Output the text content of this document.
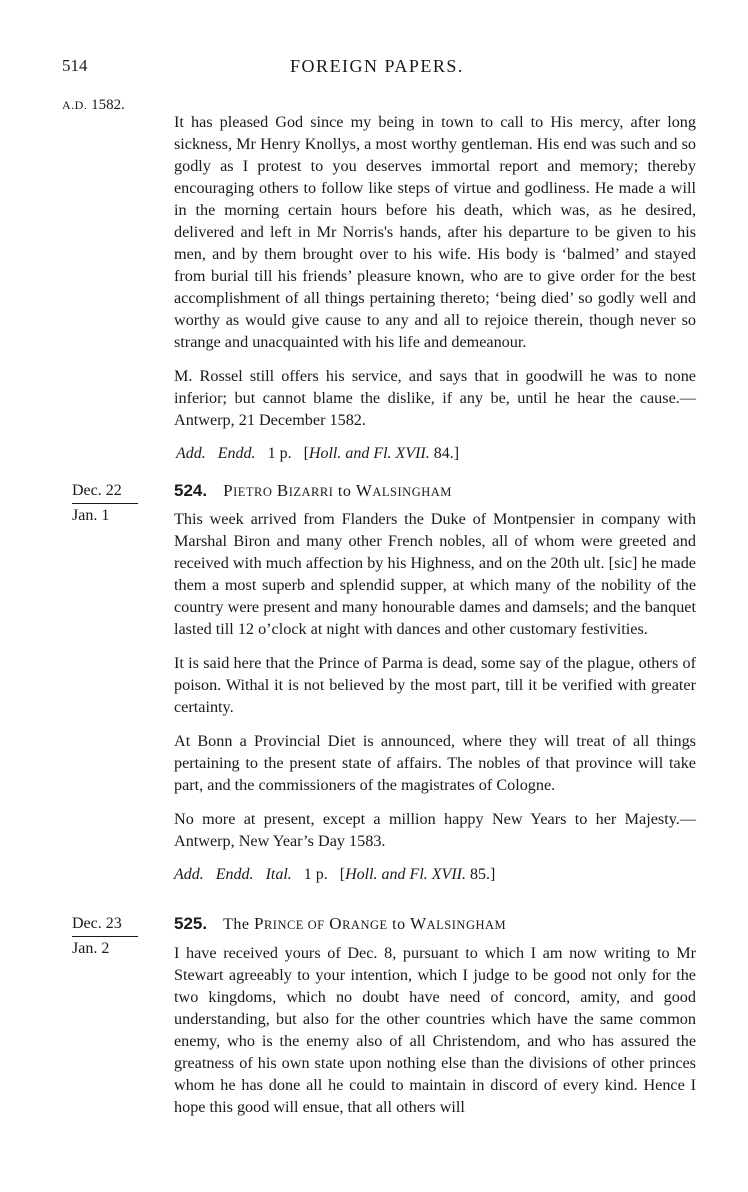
514	FOREIGN PAPERS.
A.D. 1582.

It has pleased God since my being in town to call to His mercy, after long sickness, Mr Henry Knollys, a most worthy gentleman. His end was such and so godly as I protest to you deserves immortal report and memory; thereby encouraging others to follow like steps of virtue and godliness. He made a will in the morning certain hours before his death, which was, as he desired, delivered and left in Mr Norris's hands, after his departure to be given to his men, and by them brought over to his wife. His body is ‘balmed’ and stayed from burial till his friends’ pleasure known, who are to give order for the best accomplishment of all things pertaining thereto; ‘being died’ so godly well and worthy as would give cause to any and all to rejoice therein, though never so strange and unacquainted with his life and demeanour.

M. Rossel still offers his service, and says that in goodwill he was to none inferior; but cannot blame the dislike, if any be, until he hear the cause.—Antwerp, 21 December 1582.

Add. Endd. 1 p. [Holl. and Fl. XVII. 84.]

Dec. 22
Jan. 1
524. PIETRO BIZARRI to WALSINGHAM

This week arrived from Flanders the Duke of Montpensier in company with Marshal Biron and many other French nobles, all of whom were greeted and received with much affection by his Highness, and on the 20th ult. [sic] he made them a most superb and splendid supper, at which many of the nobility of the country were present and many honourable dames and damsels; and the banquet lasted till 12 o’clock at night with dances and other customary festivities.

It is said here that the Prince of Parma is dead, some say of the plague, others of poison. Withal it is not believed by the most part, till it be verified with greater certainty.

At Bonn a Provincial Diet is announced, where they will treat of all things pertaining to the present state of affairs. The nobles of that province will take part, and the commissioners of the magistrates of Cologne.

No more at present, except a million happy New Years to her Majesty.—Antwerp, New Year’s Day 1583.

Add. Endd. Ital. 1 p. [Holl. and Fl. XVII. 85.]

Dec. 23
Jan. 2
525. The PRINCE OF ORANGE to WALSINGHAM

I have received yours of Dec. 8, pursuant to which I am now writing to Mr Stewart agreeably to your intention, which I judge to be good not only for the two kingdoms, which no doubt have need of concord, amity, and good understanding, but also for the other countries which have the same common enemy, who is the enemy also of all Christendom, and who has assured the greatness of his own state upon nothing else than the divisions of other princes whom he has done all he could to maintain in discord of every kind. Hence I hope this good will ensue, that all others will
